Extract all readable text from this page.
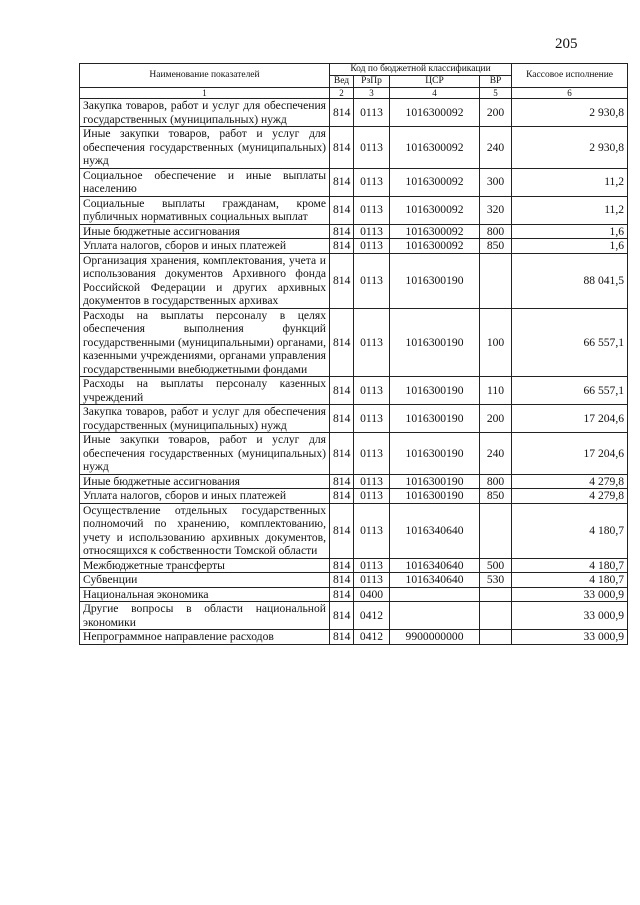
205
Наименование показателей	Код по бюджетной классификации				Кассовое исполнение
	Вед	РзПр	ЦСР	ВР	
1	2	3	4	5	6
Закупка товаров, работ и услуг для обеспечения государственных (муниципальных) нужд	814	0113	1016300092	200	2 930,8
Иные закупки товаров, работ и услуг для обеспечения государственных (муниципальных) нужд	814	0113	1016300092	240	2 930,8
Социальное обеспечение и иные выплаты населению	814	0113	1016300092	300	11,2
Социальные выплаты гражданам, кроме публичных нормативных социальных выплат	814	0113	1016300092	320	11,2
Иные бюджетные ассигнования	814	0113	1016300092	800	1,6
Уплата налогов, сборов и иных платежей	814	0113	1016300092	850	1,6
Организация хранения, комплектования, учета и использования документов Архивного фонда Российской Федерации и других архивных документов в государственных архивах	814	0113	1016300190		88 041,5
Расходы на выплаты персоналу в целях обеспечения выполнения функций государственными (муниципальными) органами, казенными учреждениями, органами управления государственными внебюджетными фондами	814	0113	1016300190	100	66 557,1
Расходы на выплаты персоналу казенных учреждений	814	0113	1016300190	110	66 557,1
Закупка товаров, работ и услуг для обеспечения государственных (муниципальных) нужд	814	0113	1016300190	200	17 204,6
Иные закупки товаров, работ и услуг для обеспечения государственных (муниципальных) нужд	814	0113	1016300190	240	17 204,6
Иные бюджетные ассигнования	814	0113	1016300190	800	4 279,8
Уплата налогов, сборов и иных платежей	814	0113	1016300190	850	4 279,8
Осуществление отдельных государственных полномочий по хранению, комплектованию, учету и использованию архивных документов, относящихся к собственности Томской области	814	0113	1016340640		4 180,7
Межбюджетные трансферты	814	0113	1016340640	500	4 180,7
Субвенции	814	0113	1016340640	530	4 180,7
Национальная экономика	814	0400			33 000,9
Другие вопросы в области национальной экономики	814	0412			33 000,9
Непрограммное направление расходов	814	0412	9900000000		33 000,9
